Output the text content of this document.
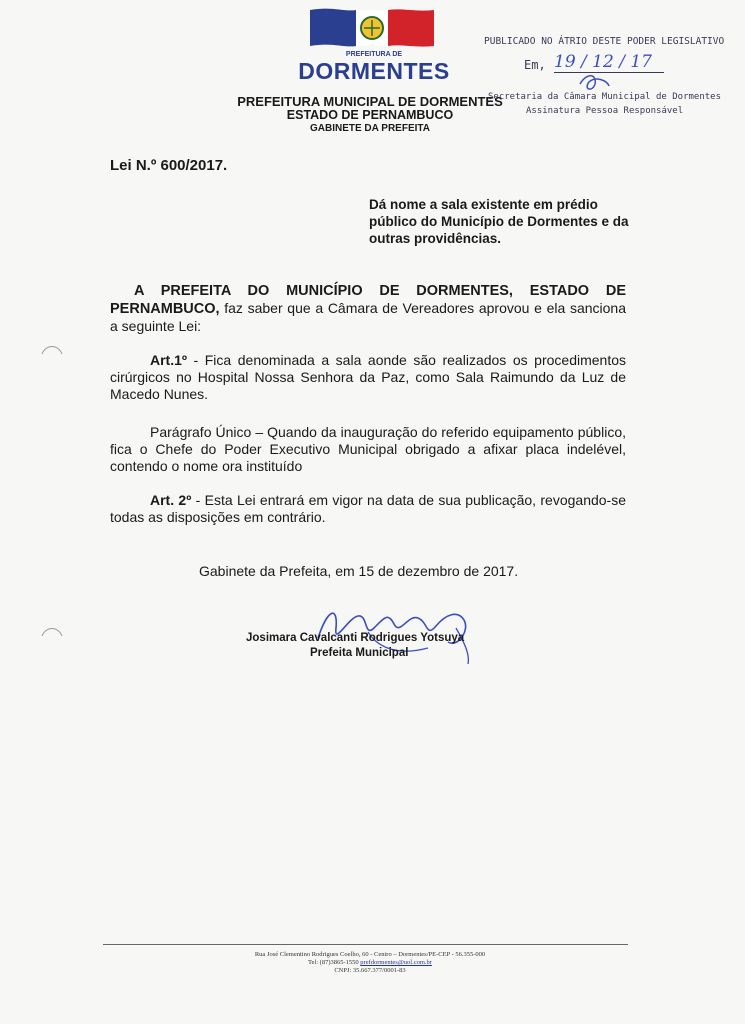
PREFEITURA DE
DORMENTES
PREFEITURA MUNICIPAL DE DORMENTES
ESTADO DE PERNAMBUCO
GABINETE DA PREFEITA
PUBLICADO NO ÁTRIO DESTE PODER LEGISLATIVO
Em, 19 / 12 / 17
Secretaria da Câmara Municipal de Dormentes
Assinatura Pessoa Responsável
Lei N.º 600/2017.
Dá nome a sala existente em prédio público do Município de Dormentes e da outras providências.
A PREFEITA DO MUNICÍPIO DE DORMENTES, ESTADO DE PERNAMBUCO, faz saber que a Câmara de Vereadores aprovou e ela sanciona a seguinte Lei:
Art.1º - Fica denominada a sala aonde são realizados os procedimentos cirúrgicos no Hospital Nossa Senhora da Paz, como Sala Raimundo da Luz de Macedo Nunes.
Parágrafo Único – Quando da inauguração do referido equipamento público, fica o Chefe do Poder Executivo Municipal obrigado a afixar placa indelével, contendo o nome ora instituído
Art. 2º - Esta Lei entrará em vigor na data de sua publicação, revogando-se todas as disposições em contrário.
Gabinete da Prefeita, em 15 de dezembro de 2017.
Josimara Cavalcanti Rodrigues Yotsuya
Prefeita Municipal
Rua José Clementino Rodrigues Coelho, 60 - Centro – Dormentes/PE-CEP - 56.355-000
Tel: (87)3865-1550 prefdormentes@uol.com.br
CNPJ: 35.667.377/0001-83
